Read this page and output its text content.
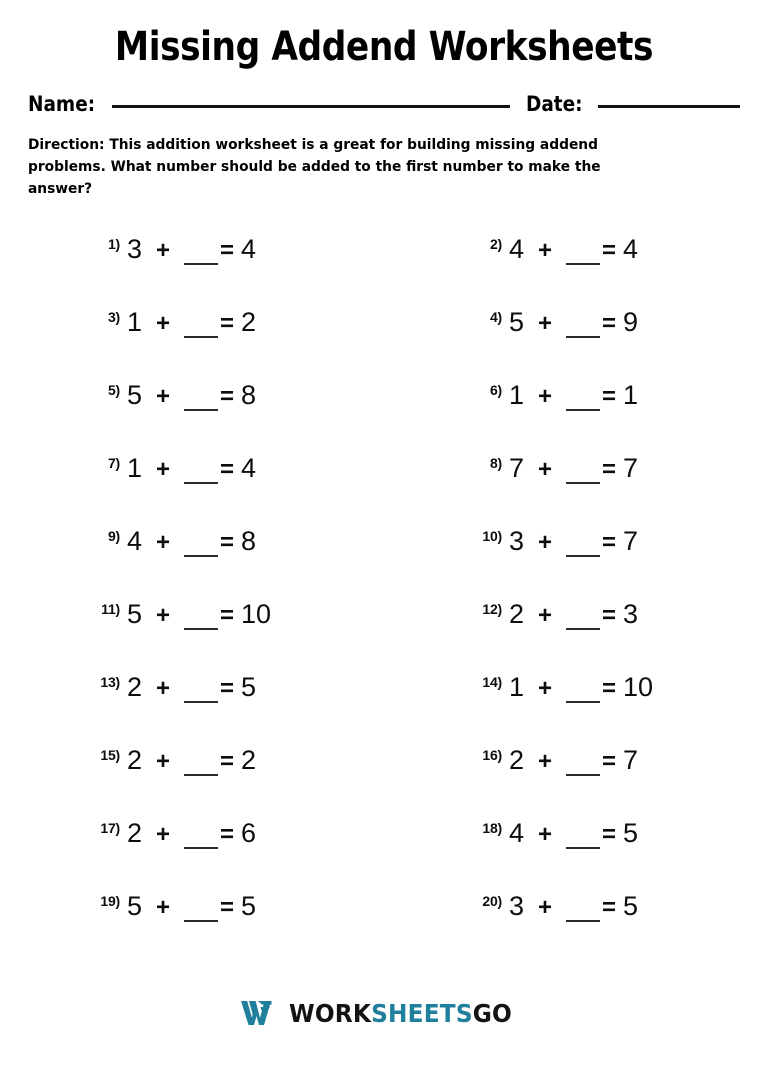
Missing Addend Worksheets
Name:	Date:

Direction: This addition worksheet is a great for building missing addend problems. What number should be added to the first number to make the answer?

1) 3 + = 4	2) 4 + = 4
3) 1 + = 2	4) 5 + = 9
5) 5 + = 8	6) 1 + = 1
7) 1 + = 4	8) 7 + = 7
9) 4 + = 8	10) 3 + = 7
11) 5 + = 10	12) 2 + = 3
13) 2 + = 5	14) 1 + = 10
15) 2 + = 2	16) 2 + = 7
17) 2 + = 6	18) 4 + = 5
19) 5 + = 5	20) 3 + = 5
WORKSHEETSGO
